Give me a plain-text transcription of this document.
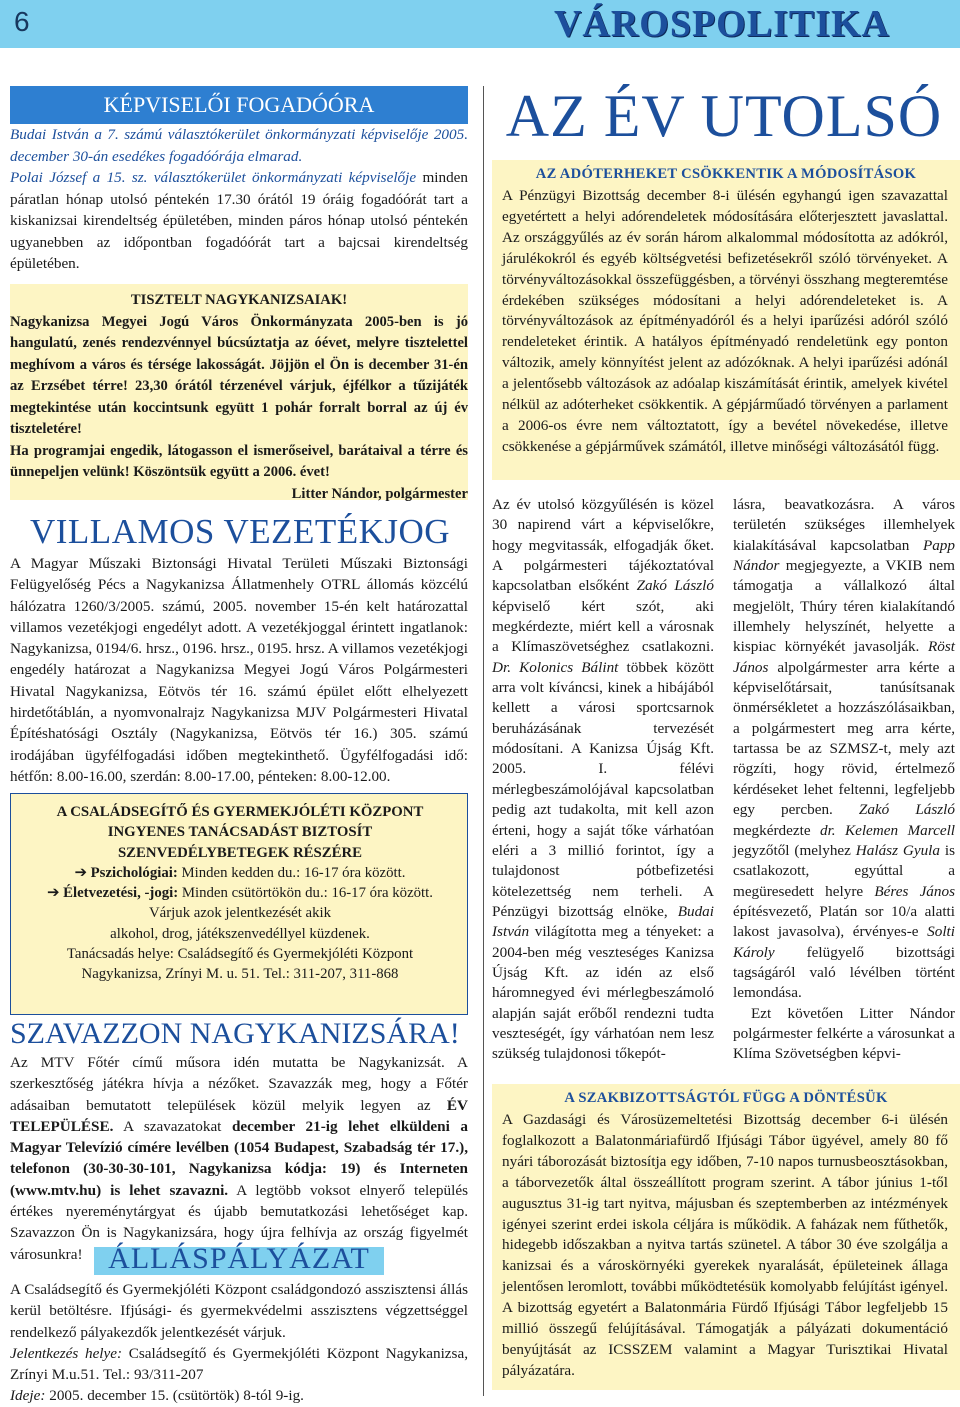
6	VÁROSPOLITIKA
KÉPVISELŐI FOGADÓÓRA

Budai István a 7. számú választókerület önkormányzati képviselője 2005. december 30-án esedékes fogadóórája elmarad.

Polai József a 15. sz. választókerület önkormányzati képviselője minden páratlan hónap utolsó péntekén 17.30 órától 19 óráig fogadóórát tart a kiskanizsai kirendeltség épületében, minden páros hónap utolsó péntekén ugyanebben az időpontban fogadóórát tart a bajcsai kirendeltség épületében.

TISZTELT NAGYKANIZSAIAK!

Nagykanizsa Megyei Jogú Város Önkormányzata 2005-ben is jó hangulatú, zenés rendezvénnyel búcsúztatja az óévet, melyre tisztelettel meghívom a város és térsége lakosságát. Jöjjön el Ön is december 31-én az Erzsébet térre! 23,30 órától térzenével várjuk, éjfélkor a tűzijáték megtekintése után koccintsunk együtt 1 pohár forralt borral az új év tiszteletére!

Ha programjai engedik, látogasson el ismerőseivel, barátaival a térre és ünnepeljen velünk! Köszöntsük együtt a 2006. évet!

Litter Nándor, polgármester

VILLAMOS VEZETÉKJOG
A Magyar Műszaki Biztonsági Hivatal Területi Műszaki Biztonsági Felügyelőség Pécs a Nagykanizsa Állatmenhely OTRL állomás közcélú hálózatra 1260/3/2005. számú, 2005. november 15-én kelt határozattal villamos vezetékjogi engedélyt adott. A vezetékjoggal érintett ingatlanok: Nagykanizsa, 0194/6. hrsz., 0196. hrsz., 0195. hrsz. A villamos vezetékjogi engedély határozat a Nagykanizsa Megyei Jogú Város Polgármesteri Hivatal Nagykanizsa, Eötvös tér 16. számú épület előtt elhelyezett hirdetőtáblán, a nyomvonalrajz Nagykanizsa MJV Polgármesteri Hivatal Építéshatósági Osztály (Nagykanizsa, Eötvös tér 16.) 305. számú irodájában ügyfélfogadási időben megtekinthető. Ügyfélfogadási idő: hétfőn: 8.00-16.00, szerdán: 8.00-17.00, pénteken: 8.00-12.00.

A CSALÁDSEGÍTŐ ÉS GYERMEKJÓLÉTI KÖZPONT

INGYENES TANÁCSADÁST BIZTOSÍT

SZENVEDÉLYBETEGEK RÉSZÉRE

➔ Pszichológiai: Minden kedden du.: 16-17 óra között.

➔ Életvezetési, -jogi: Minden csütörtökön du.: 16-17 óra között.

Várjuk azok jelentkezését akik

alkohol, drog, játékszenvedéllyel küzdenek.

Tanácsadás helye: Családsegítő és Gyermekjóléti Központ

Nagykanizsa, Zrínyi M. u. 51. Tel.: 311-207, 311-868

SZAVAZZON NAGYKANIZSÁRA!
Az MTV Főtér című műsora idén mutatta be Nagykanizsát. A szerkesztőség játékra hívja a nézőket. Szavazzák meg, hogy a Főtér adásaiban bemutatott települések közül melyik legyen az ÉV TELEPÜLÉSE. A szavazatokat december 21-ig lehet elküldeni a Magyar Televízió címére levélben (1054 Budapest, Szabadság tér 17.), telefonon (30-30-30-101, Nagykanizsa kódja: 19) és Interneten (www.mtv.hu) is lehet szavazni. A legtöbb voksot elnyerő település értékes nyereménytárgyat és újabb bemutatkozási lehetőséget kap. Szavazzon Ön is Nagykanizsára, hogy újra felhívja az ország figyelmét városunkra! ÁLLÁSPÁLYÁZAT

A Családsegítő és Gyermekjóléti Központ családgondozó asszisztensi állás kerül betöltésre. Ifjúsági- és gyermekvédelmi asszisztens végzettséggel rendelkező pályakezdők jelentkezését várjuk.

Jelentkezés helye: Családsegítő és Gyermekjóléti Központ Nagykanizsa, Zrínyi M.u.51. Tel.: 93/311-207

Ideje: 2005. december 15. (csütörtök) 8-tól 9-ig.

AZ ÉV UTOLSÓ
AZ ADÓTERHEKET CSÖKKENTIK A MÓDOSÍTÁSOK
A Pénzügyi Bizottság december 8-i ülésén egyhangú igen szavazattal egyetértett a helyi adórendeletek módosítására előterjesztett javaslattal. Az országgyűlés az év során három alkalommal módosította az adókról, járulékokról és egyéb költségvetési befizetésekről szóló törvényeket. A törvényváltozásokkal összefüggésben, a törvényi összhang megteremtése érdekében szükséges módosítani a helyi adórendeleteket is. A törvényváltozások az építményadóról és a helyi iparűzési adóról szóló rendeleteket érintik. A hatályos építményadó rendeletünk egy ponton változik, amely könnyítést jelent az adózóknak. A helyi iparűzési adónál a jelentősebb változások az adóalap kiszámítását érintik, amelyek kivétel nélkül az adóterheket csökkentik. A gépjárműadó törvényen a parlament a 2006-os évre nem változtatott, így a bevétel növekedése, illetve csökkenése a gépjárművek számától, illetve minőségi változásától függ.
Az év utolsó közgyűlésén is közel 30 napirend várt a képviselőkre, hogy megvitassák, elfogadják őket. A polgármesteri tájékoztatóval kapcsolatban elsőként Zakó László képviselő kért szót, aki megkérdezte, miért kell a városnak a Klímaszövetséghez csatlakozni. Dr. Kolonics Bálint többek között arra volt kíváncsi, kinek a hibájából kellett a városi sportcsarnok beruházásának tervezését módosítani. A Kanizsa Újság Kft. 2005. I. félévi mérlegbeszámolójával kapcsolatban pedig azt tudakolta, mit kell azon érteni, hogy a saját tőke várhatóan eléri a 3 millió forintot, így a tulajdonost pótbefizetési kötelezettség nem terheli. A Pénzügyi bizottság elnöke, Budai István világította meg a tényeket: a 2004-ben még veszteséges Kanizsa Újság Kft. az idén az első háromnegyed évi mérlegbeszámoló alapján saját erőből rendezni tudta veszteségét, így várhatóan nem lesz szükség tulajdonosi tőkepót-

lásra, beavatkozásra. A város területén szükséges illemhelyek kialakításával kapcsolatban Papp Nándor megjegyezte, a VKIB nem támogatja a vállalkozó által megjelölt, Thúry téren kialakítandó illemhely helyszínét, helyette a kispiac környékét javasolják. Röst János alpolgármester arra kérte a képviselőtársait, tanúsítsanak önmérsékletet a hozzászólásaikban, a polgármestert meg arra kérte, tartassa be az SZMSZ-t, mely azt rögzíti, hogy rövid, értelmező kérdéseket lehet feltenni, legfeljebb egy percben. Zakó László megkérdezte dr. Kelemen Marcell jegyzőtől (melyhez Halász Gyula is csatlakozott, egyúttal a megüresedett helyre Béres János építésvezető, Platán sor 10/a alatti lakost javasolva), érvényes-e Solti Károly felügyelő bizottsági tagságáról való lévélben történt lemondása.

Ezt követően Litter Nándor polgármester felkérte a városunkat a Klíma Szövetségben képvi-

A SZAKBIZOTTSÁGTÓL FÜGG A DÖNTÉSÜK
A Gazdasági és Városüzemeltetési Bizottság december 6-i ülésén foglalkozott a Balatonmáriafürdő Ifjúsági Tábor ügyével, amely 80 fő nyári táborozását biztosítja egy időben, 7-10 napos turnusbeosztásokban, a táborvezetők által összeállított program szerint. A tábor június 1-től augusztus 31-ig tart nyitva, májusban és szeptemberben az intézmények igényei szerint erdei iskola céljára is működik. A faházak nem fűthetők, hidegebb időszakban a nyitva tartás szünetel. A tábor 30 éve szolgálja a kanizsai és a városkörnyéki gyerekek nyaralását, épületeinek állaga jelentősen leromlott, további működtetésük komolyabb felújítást igényel. A bizottság egyetért a Balatonmária Fürdő Ifjúsági Tábor legfeljebb 15 millió összegű felújításával. Támogatják a pályázati dokumentáció benyújtását az ICSSZEM valamint a Magyar Turisztikai Hivatal pályázatára.
